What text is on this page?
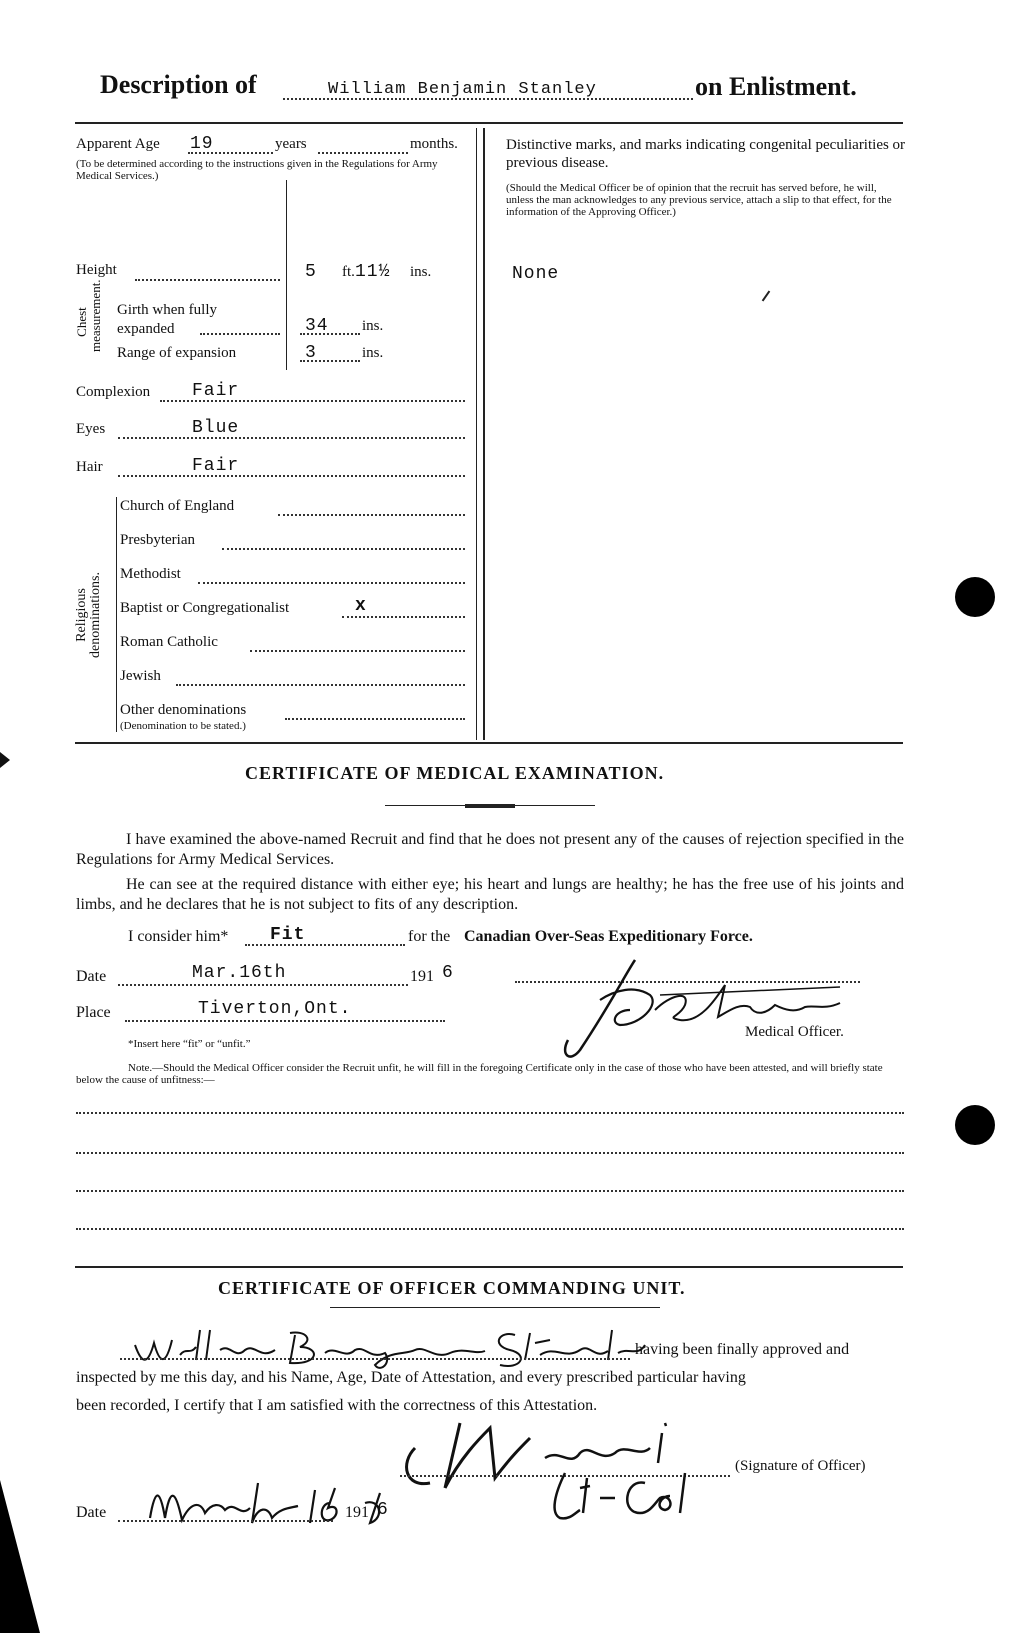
Description of	William Benjamin Stanley	on Enlistment.
Apparent Age 19	years	months.
(To be determined according to the instructions given in the Regulations for Army Medical Services.)
Height	5 ft. 11½ ins.
Chest measurement. Girth when fully expanded	34 ins.
Range of expansion	3	ins.
Complexion Fair
Eyes	Blue
Hair	Fair
Religious denominations.
Church of England
Presbyterian
Methodist
Baptist or Congregationalist	x
Roman Catholic
Jewish
Other denominations
(Denomination to be stated.)
Distinctive marks, and marks indicating congenital peculiarities or previous disease.
(Should the Medical Officer be of opinion that the recruit has served before, he will, unless the man acknowledges to any previous service, attach a slip to that effect, for the information of the Approving Officer.)
None
CERTIFICATE OF MEDICAL EXAMINATION.
I have examined the above-named Recruit and find that he does not present any of the causes of rejection specified in the Regulations for Army Medical Services.
He can see at the required distance with either eye; his heart and lungs are healthy; he has the free use of his joints and limbs, and he declares that he is not subject to fits of any description.
I consider him* Fit	for the Canadian Over-Seas Expeditionary Force.
Date	Mar.16th	191 6
Place	Tiverton,Ont.
Medical Officer.
*Insert here “fit” or “unfit.”
Note.—Should the Medical Officer consider the Recruit unfit, he will fill in the foregoing Certificate only in the case of those who have been attested, and will briefly state below the cause of unfitness:—
CERTIFICATE OF OFFICER COMMANDING UNIT.
having been finally approved and
inspected by me this day, and his Name, Age, Date of Attestation, and every prescribed particular having
been recorded, I certify that I am satisfied with the correctness of this Attestation.
(Signature of Officer)
Date	191 6
